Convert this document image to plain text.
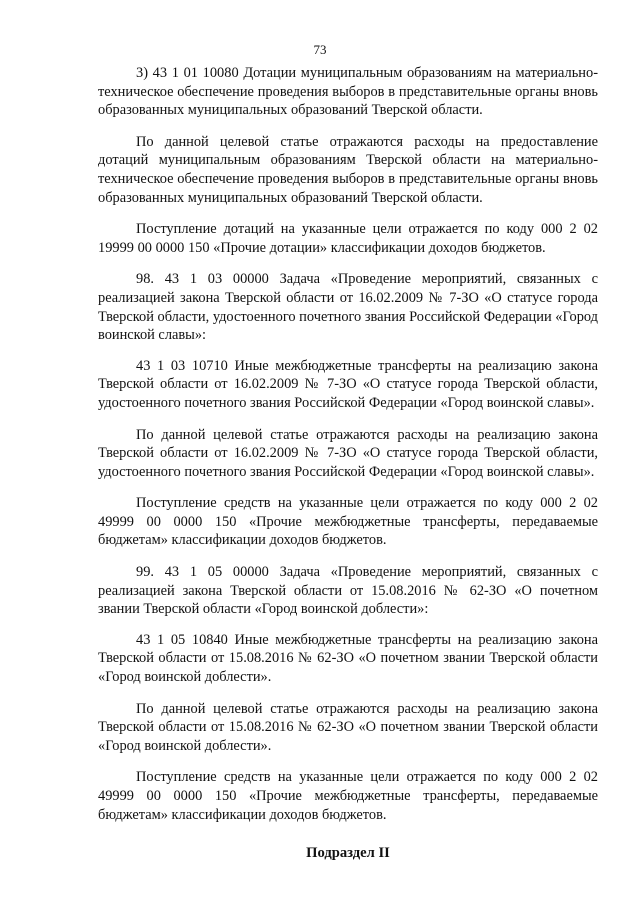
73

3) 43 1 01 10080 Дотации муниципальным образованиям на материально-техническое обеспечение проведения выборов в представительные органы вновь образованных муниципальных образований Тверской области.

По данной целевой статье отражаются расходы на предоставление дотаций муниципальным образованиям Тверской области на материально-техническое обеспечение проведения выборов в представительные органы вновь образованных муниципальных образований Тверской области.

Поступление дотаций на указанные цели отражается по коду 000 2 02 19999 00 0000 150 «Прочие дотации» классификации доходов бюджетов.

98. 43 1 03 00000 Задача «Проведение мероприятий, связанных с реализацией закона Тверской области от 16.02.2009 № 7-ЗО «О статусе города Тверской области, удостоенного почетного звания Российской Федерации «Город воинской славы»:

43 1 03 10710 Иные межбюджетные трансферты на реализацию закона Тверской области от 16.02.2009 № 7-ЗО «О статусе города Тверской области, удостоенного почетного звания Российской Федерации «Город воинской славы».

По данной целевой статье отражаются расходы на реализацию закона Тверской области от 16.02.2009 № 7-ЗО «О статусе города Тверской области, удостоенного почетного звания Российской Федерации «Город воинской славы».

Поступление средств на указанные цели отражается по коду 000 2 02 49999 00 0000 150 «Прочие межбюджетные трансферты, передаваемые бюджетам» классификации доходов бюджетов.

99. 43 1 05 00000 Задача «Проведение мероприятий, связанных с реализацией закона Тверской области от 15.08.2016 № 62-ЗО «О почетном звании Тверской области «Город воинской доблести»:

43 1 05 10840 Иные межбюджетные трансферты на реализацию закона Тверской области от 15.08.2016 № 62-ЗО «О почетном звании Тверской области «Город воинской доблести».

По данной целевой статье отражаются расходы на реализацию закона Тверской области от 15.08.2016 № 62-ЗО «О почетном звании Тверской области «Город воинской доблести».

Поступление средств на указанные цели отражается по коду 000 2 02 49999 00 0000 150 «Прочие межбюджетные трансферты, передаваемые бюджетам» классификации доходов бюджетов.

Подраздел II
